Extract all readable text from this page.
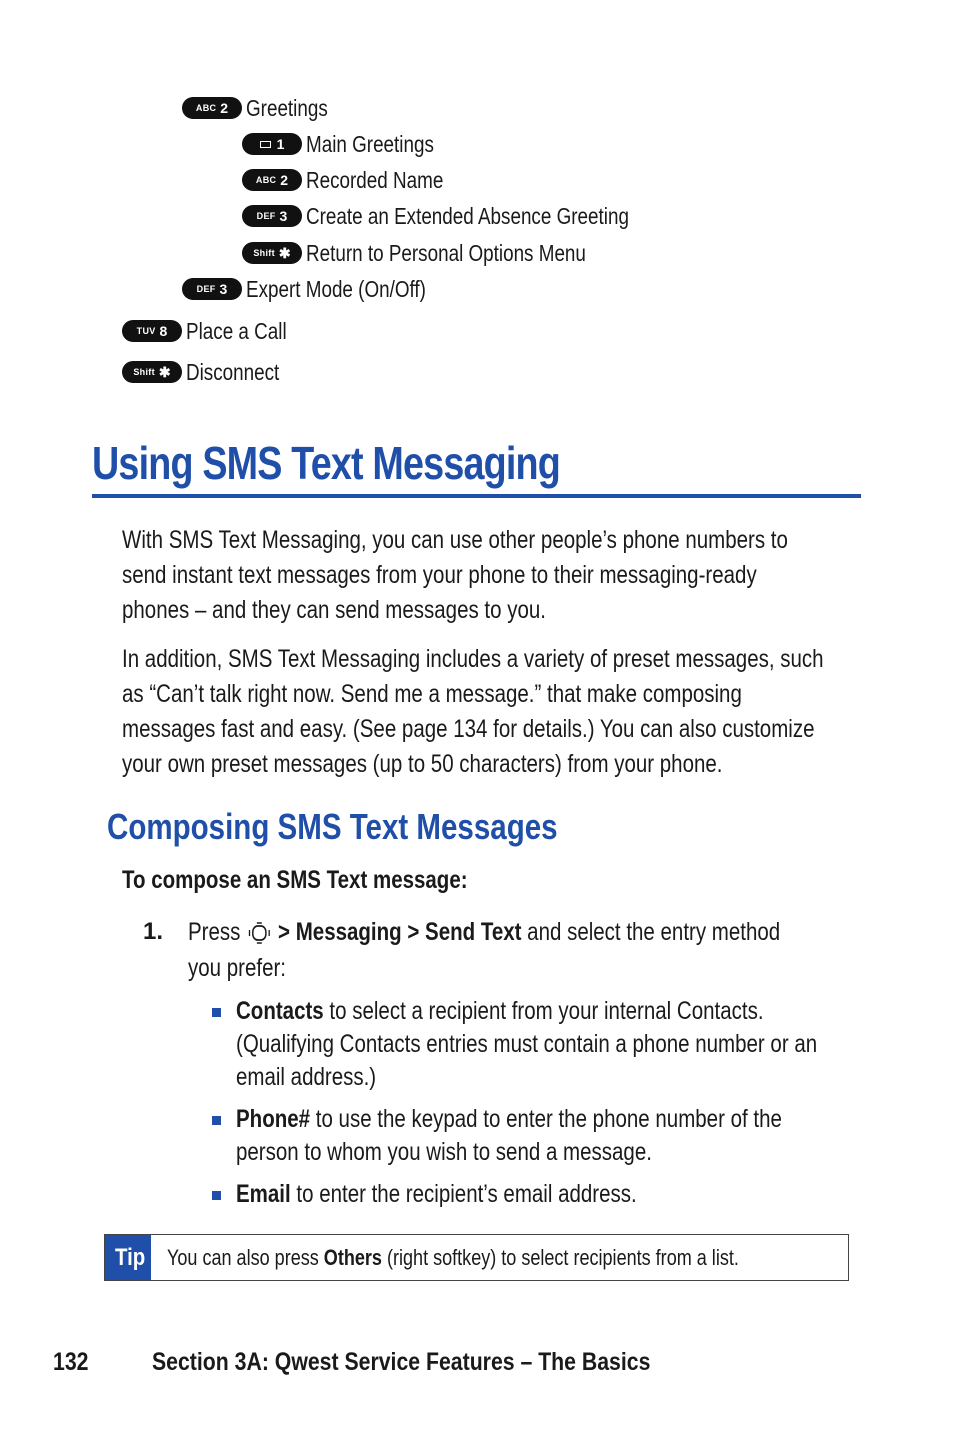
ABC 2 Greetings
1 Main Greetings
ABC 2 Recorded Name
DEF 3 Create an Extended Absence Greeting
Shift ✱ Return to Personal Options Menu
DEF 3 Expert Mode (On/Off)
TUV 8 Place a Call
Shift ✱ Disconnect
Using SMS Text Messaging
With SMS Text Messaging, you can use other people’s phone numbers to
send instant text messages from your phone to their messaging-ready
phones – and they can send messages to you.
In addition, SMS Text Messaging includes a variety of preset messages, such
as “Can’t talk right now. Send me a message.” that make composing
messages fast and easy. (See page 134 for details.) You can also customize
your own preset messages (up to 50 characters) from your phone.
Composing SMS Text Messages
To compose an SMS Text message:
1. Press > Messaging > Send Text and select the entry method
you prefer:
Contacts to select a recipient from your internal Contacts.
(Qualifying Contacts entries must contain a phone number or an
email address.)
Phone# to use the keypad to enter the phone number of the
person to whom you wish to send a message.
Email to enter the recipient’s email address.
Tip You can also press Others (right softkey) to select recipients from a list.
132	Section 3A: Qwest Service Features – The Basics
